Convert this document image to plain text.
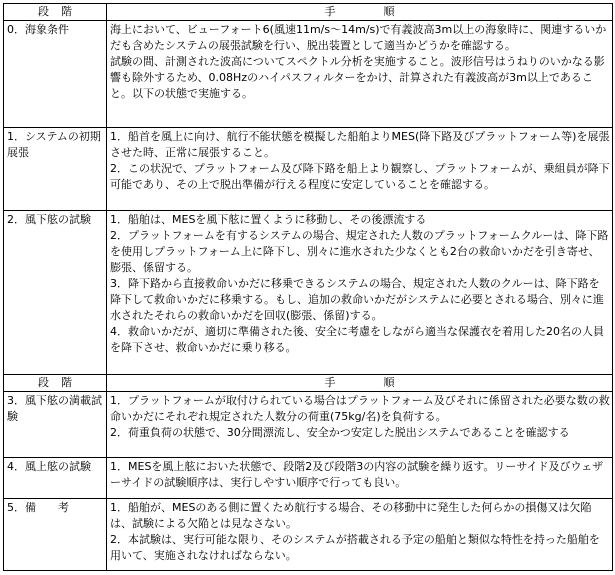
段階	手順
0．海象条件	海上において、ビューフォート6(風速11m/s～14m/s)で有義波高3m以上の海象時に、関連するいかだも含めたシステムの展張試験を行い、脱出装置として適当かどうかを確認する。

試験の間、計測された波高についてスペクトル分析を実施すること。波形信号はうねりのいかなる影響も除外するため、0.08Hzのハイパスフィルターをかけ、計算された有義波高が3m以上であること。以下の状態で実施する。

1．システムの初期展張	1．船首を風上に向け、航行不能状態を模擬した船舶よりMES(降下路及びプラットフォーム等)を展張させた時、正常に展張すること。

2．この状況で、プラットフォーム及び降下路を船上より観察し、プラットフォームが、乗組員が降下可能であり、その上で脱出準備が行える程度に安定していることを確認する。

2．風下舷の試験	1．船舶は、MESを風下舷に置くように移動し、その後漂流する

2．プラットフォームを有するシステムの場合、規定された人数のプラットフォームクルーは、降下路を使用しプラットフォーム上に降下し、別々に進水された少なくとも2台の救命いかだを引き寄せ、膨張、係留する。

3．降下路から直接救命いかだに移乗できるシステムの場合、規定された人数のクルーは、降下路を降下して救命いかだに移乗する。もし、追加の救命いかだがシステムに必要とされる場合、別々に進水されたそれらの救命いかだを回収(膨張、係留)する。

4．救命いかだが、適切に準備された後、安全に考慮をしながら適当な保護衣を着用した20名の人員を降下させ、救命いかだに乗り移る。

段階	手順
3．風下舷の満載試験	1．プラットフォームが取付けられている場合はプラットフォーム及びそれに係留された必要な数の救命いかだにそれぞれ規定された人数分の荷重(75kg/名)を負荷する。

2．荷重負荷の状態で、30分間漂流し、安全かつ安定した脱出システムであることを確認する

4．風上舷の試験	1．MESを風上舷においた状態で、段階2及び段階3の内容の試験を繰り返す。リーサイド及びウェザーサイドの試験順序は、実行しやすい順序で行っても良い。

5．備　　考	1．船舶が、MESのある側に置くため航行する場合、その移動中に発生した何らかの損傷又は欠陥は、試験による欠陥とは見なさない。

2．本試験は、実行可能な限り、そのシステムが搭載される予定の船舶と類似な特性を持った船舶を用いて、実施されなければならない。
